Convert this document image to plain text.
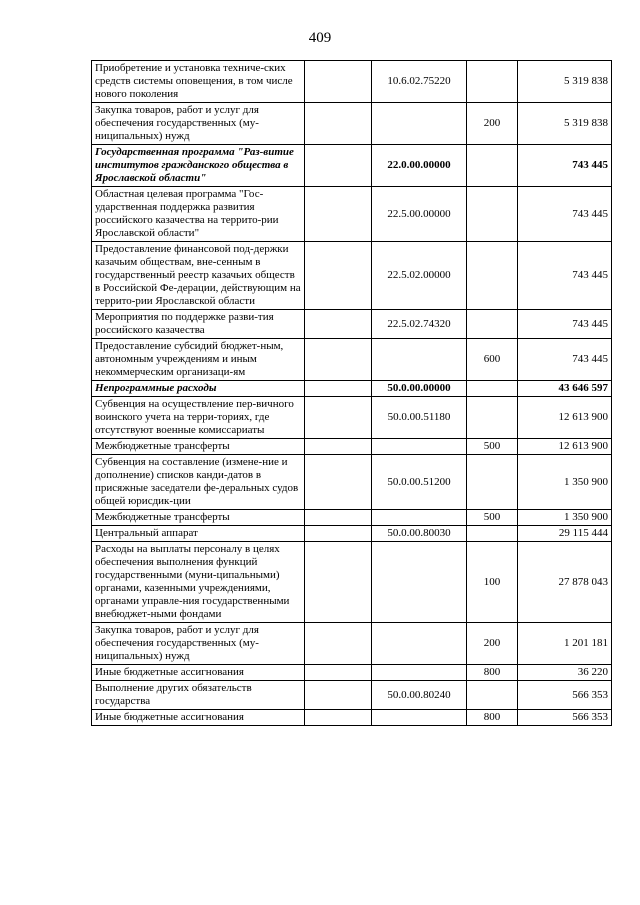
409
Приобретение и установка техниче-ских средств системы оповещения, в том числе нового поколения		10.6.02.75220		5 319 838
Закупка товаров, работ и услуг для обеспечения государственных (му-ниципальных) нужд			200	5 319 838
Государственная программа "Раз-витие институтов гражданского общества в Ярославской области"		22.0.00.00000		743 445
Областная целевая программа "Гос-ударственная поддержка развития российского казачества на террито-рии Ярославской области"		22.5.00.00000		743 445
Предоставление финансовой под-держки казачьим обществам, вне-сенным в государственный реестр казачьих обществ в Российской Фе-дерации, действующим на террито-рии Ярославской области		22.5.02.00000		743 445
Мероприятия по поддержке разви-тия российского казачества		22.5.02.74320		743 445
Предоставление субсидий бюджет-ным, автономным учреждениям и иным некоммерческим организаци-ям			600	743 445
Непрограммные расходы		50.0.00.00000		43 646 597
Субвенция на осуществление пер-вичного воинского учета на терри-ториях, где отсутствуют военные комиссариаты		50.0.00.51180		12 613 900
Межбюджетные трансферты			500	12 613 900
Субвенция на составление (измене-ние и дополнение) списков канди-датов в присяжные заседатели фе-деральных судов общей юрисдик-ции		50.0.00.51200		1 350 900
Межбюджетные трансферты			500	1 350 900
Центральный аппарат		50.0.00.80030		29 115 444
Расходы на выплаты персоналу в целях обеспечения выполнения функций государственными (муни-ципальными) органами, казенными учреждениями, органами управле-ния государственными внебюджет-ными фондами			100	27 878 043
Закупка товаров, работ и услуг для обеспечения государственных (му-ниципальных) нужд			200	1 201 181
Иные бюджетные ассигнования			800	36 220
Выполнение других обязательств государства		50.0.00.80240		566 353
Иные бюджетные ассигнования			800	566 353
